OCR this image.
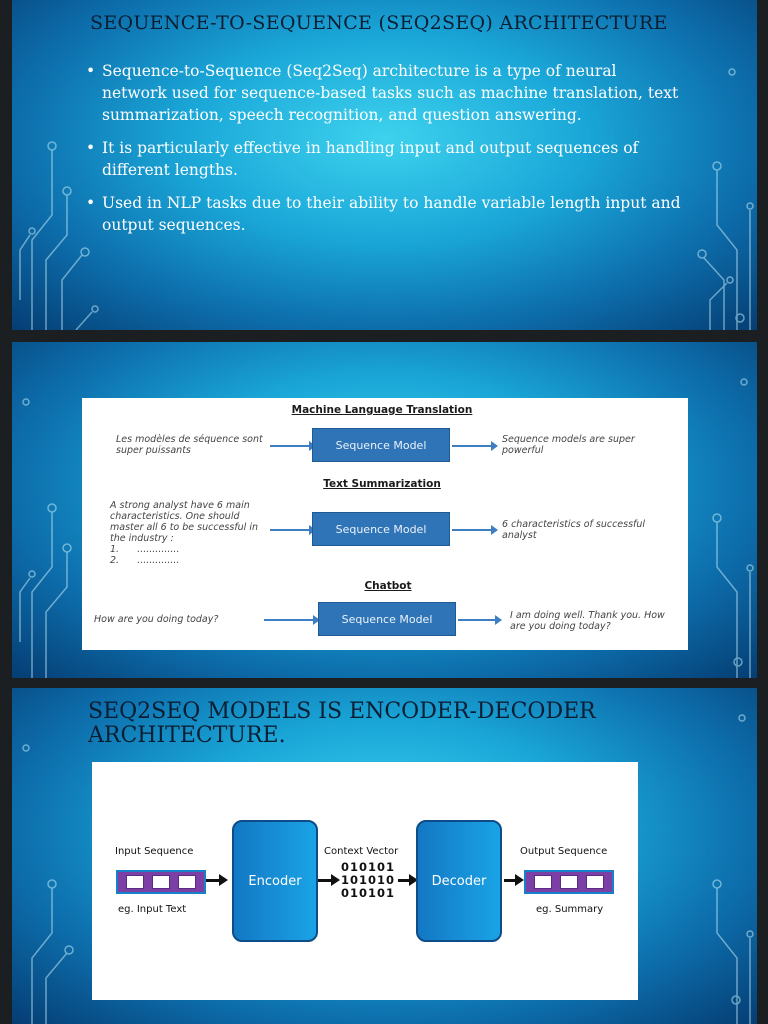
SEQUENCE-TO-SEQUENCE (SEQ2SEQ) ARCHITECTURE
• Sequence-to-Sequence (Seq2Seq) architecture is a type of neural network used for sequence-based tasks such as machine translation, text summarization, speech recognition, and question answering.
• It is particularly effective in handling input and output sequences of different lengths.
• Used in NLP tasks due to their ability to handle variable length input and output sequences.
Machine Language Translation
Les modèles de séquence sont super puissants	Sequence Model	Sequence models are super powerful
Text Summarization
A strong analyst have 6 main characteristics. One should master all 6 to be successful in the industry :
1.      ..............
2.      ..............
Sequence Model	6 characteristics of successful analyst
Chatbot
How are you doing today?	Sequence Model	I am doing well. Thank you. How are you doing today?
SEQ2SEQ MODELS IS ENCODER-DECODER ARCHITECTURE.
Input Sequence
eg. Input Text
Encoder
Context Vector
010101
101010
010101
Decoder
Output Sequence
eg. Summary
